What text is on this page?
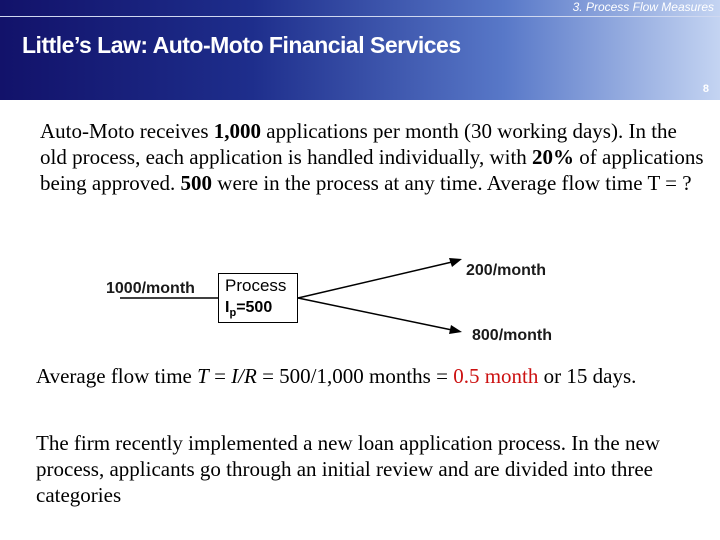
3. Process Flow Measures
Little’s Law: Auto-Moto Financial Services
8
Auto-Moto receives 1,000 applications per month (30 working days). In the old process, each application is handled individually, with 20% of applications being approved. 500 were in the process at any time. Average flow time T = ?
1000/month Process
$I_p=500$
200/month
800/month
Average flow time T = I/R = 500/1,000 months = 0.5 month or 15 days.
The firm recently implemented a new loan application process. In the new process, applicants go through an initial review and are divided into three categories
